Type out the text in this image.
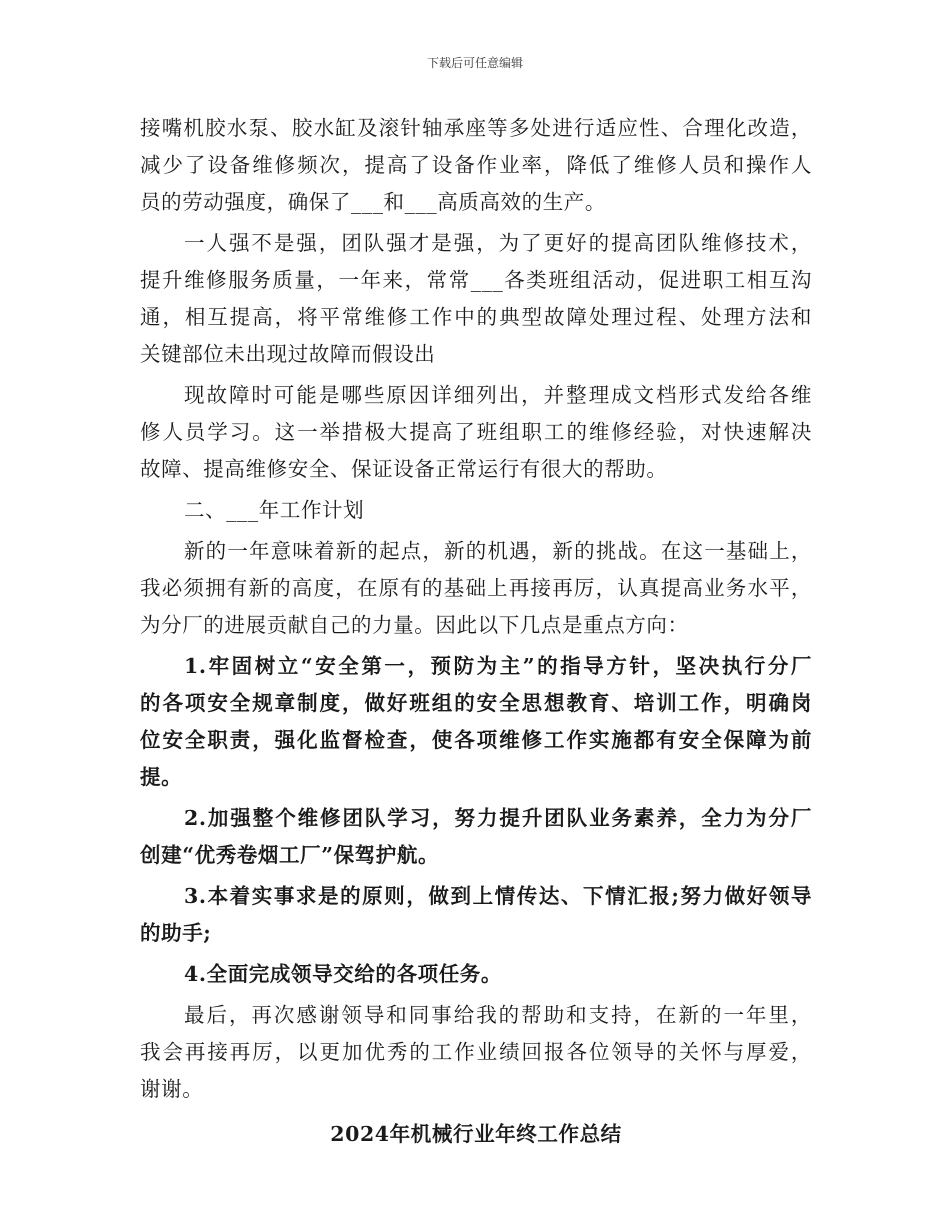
下载后可任意编辑
接嘴机胶水泵、胶水缸及滚针轴承座等多处进行适应性、合理化改造，
减少了设备维修频次，提高了设备作业率，降低了维修人员和操作人
员的劳动强度，确保了___和___高质高效的生产。
一人强不是强，团队强才是强，为了更好的提高团队维修技术，
提升维修服务质量，一年来，常常___各类班组活动，促进职工相互沟
通，相互提高，将平常维修工作中的典型故障处理过程、处理方法和
关键部位未出现过故障而假设出
现故障时可能是哪些原因详细列出，并整理成文档形式发给各维
修人员学习。这一举措极大提高了班组职工的维修经验，对快速解决
故障、提高维修安全、保证设备正常运行有很大的帮助。
二、___年工作计划
新的一年意味着新的起点，新的机遇，新的挑战。在这一基础上，
我必须拥有新的高度，在原有的基础上再接再厉，认真提高业务水平，
为分厂的进展贡献自己的力量。因此以下几点是重点方向：
1.牢固树立“安全第一，预防为主”的指导方针，坚决执行分厂
的各项安全规章制度，做好班组的安全思想教育、培训工作，明确岗
位安全职责，强化监督检查，使各项维修工作实施都有安全保障为前
提。
2.加强整个维修团队学习，努力提升团队业务素养，全力为分厂
创建“优秀卷烟工厂”保驾护航。
3.本着实事求是的原则，做到上情传达、下情汇报;努力做好领导
的助手;
4.全面完成领导交给的各项任务。
最后，再次感谢领导和同事给我的帮助和支持，在新的一年里，
我会再接再厉，以更加优秀的工作业绩回报各位领导的关怀与厚爱，
谢谢。
2024年机械行业年终工作总结
